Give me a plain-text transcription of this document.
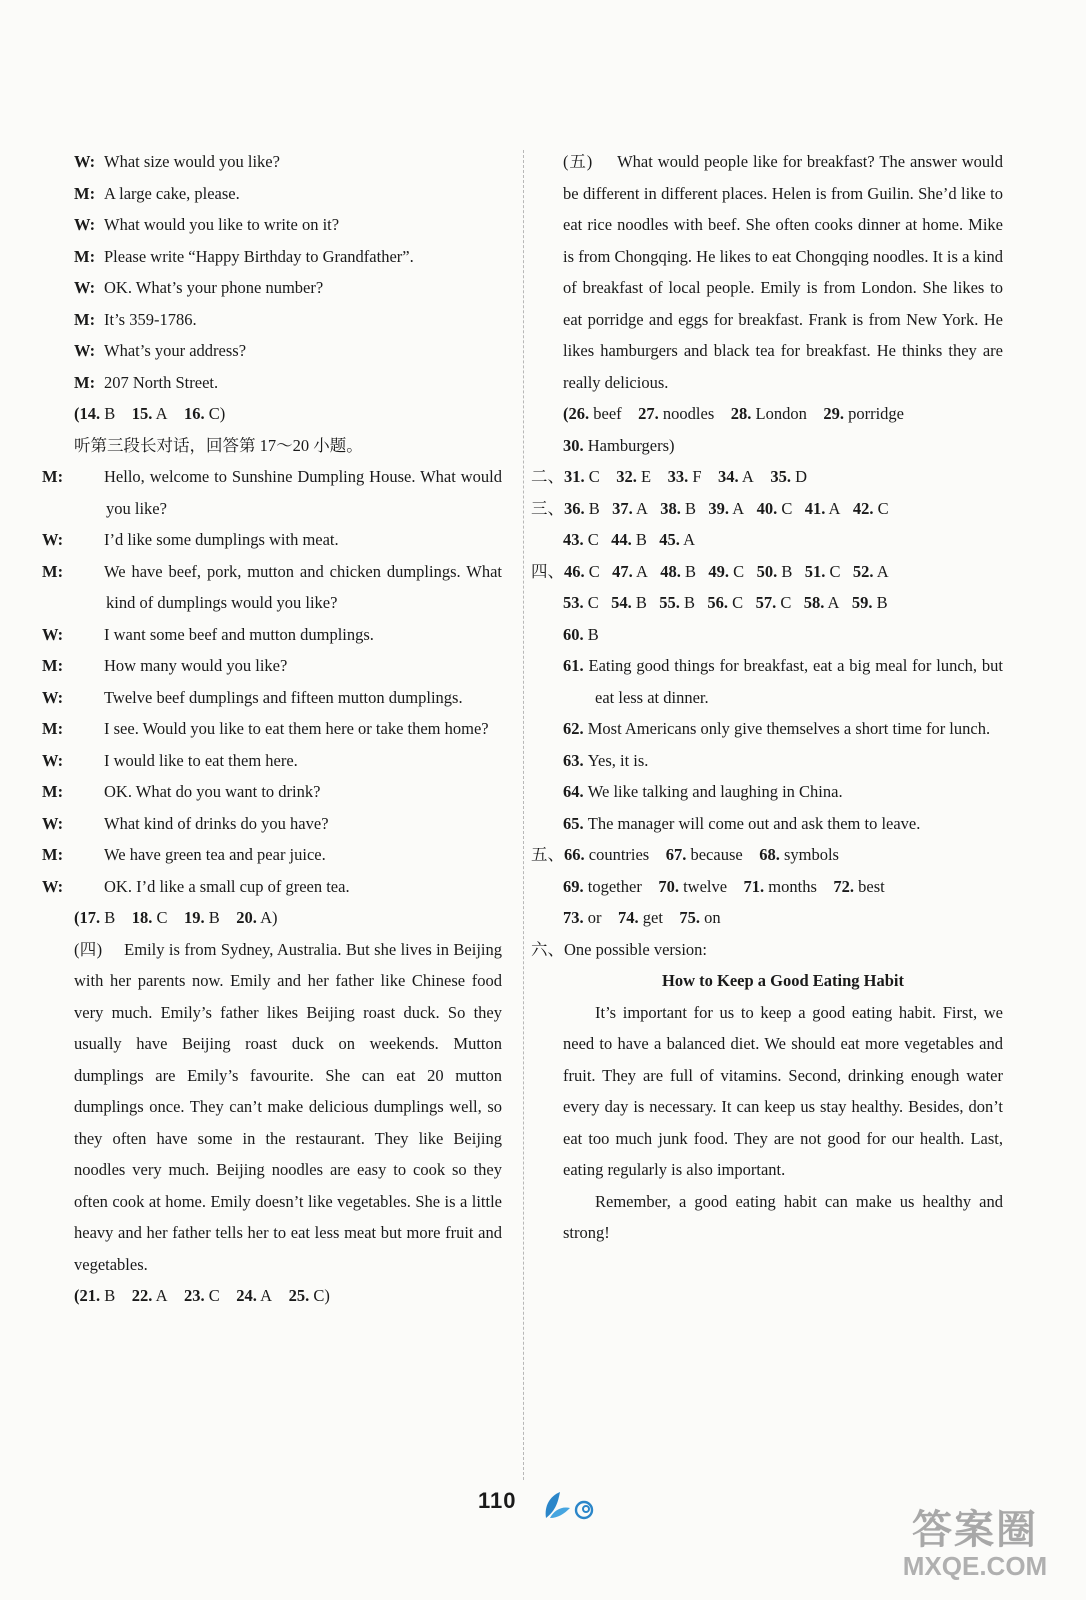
W: What size would you like?
M: A large cake, please.
W: What would you like to write on it?
M: Please write “Happy Birthday to Grandfather”.
W: OK. What’s your phone number?
M: It’s 359-1786.
W: What’s your address?
M: 207 North Street.
(14. B 15. A 16. C)
听第三段长对话，回答第 17～20 小题。
M: Hello, welcome to Sunshine Dumpling House. What would you like?
W: I’d like some dumplings with meat.
M: We have beef, pork, mutton and chicken dumplings. What kind of dumplings would you like?
W: I want some beef and mutton dumplings.
M: How many would you like?
W: Twelve beef dumplings and fifteen mutton dumplings.
M: I see. Would you like to eat them here or take them home?
W: I would like to eat them here.
M: OK. What do you want to drink?
W: What kind of drinks do you have?
M: We have green tea and pear juice.
W: OK. I’d like a small cup of green tea.
(17. B 18. C 19. B 20. A)
(四) Emily is from Sydney, Australia. But she lives in Beijing with her parents now. Emily and her father like Chinese food very much. Emily’s father likes Beijing roast duck. So they usually have Beijing roast duck on weekends. Mutton dumplings are Emily’s favourite. She can eat 20 mutton dumplings once. They can’t make delicious dumplings well, so they often have some in the restaurant. They like Beijing noodles very much. Beijing noodles are easy to cook so they often cook at home. Emily doesn’t like vegetables. She is a little heavy and her father tells her to eat less meat but more fruit and vegetables.
(21. B 22. A 23. C 24. A 25. C)
(五) What would people like for breakfast? The answer would be different in different places. Helen is from Guilin. She’d like to eat rice noodles with beef. She often cooks dinner at home. Mike is from Chongqing. He likes to eat Chongqing noodles. It is a kind of breakfast of local people. Emily is from London. She likes to eat porridge and eggs for breakfast. Frank is from New York. He likes hamburgers and black tea for breakfast. He thinks they are really delicious.
(26. beef 27. noodles 28. London 29. porridge
30. Hamburgers)
二、31. C 32. E 33. F 34. A 35. D
三、36. B 37. A 38. B 39. A 40. C 41. A 42. C
43. C 44. B 45. A
四、46. C 47. A 48. B 49. C 50. B 51. C 52. A
53. C 54. B 55. B 56. C 57. C 58. A 59. B
60. B
61. Eating good things for breakfast, eat a big meal for lunch, but eat less at dinner.
62. Most Americans only give themselves a short time for lunch.
63. Yes, it is.
64. We like talking and laughing in China.
65. The manager will come out and ask them to leave.
五、66. countries 67. because 68. symbols
69. together 70. twelve 71. months 72. best
73. or 74. get 75. on
六、One possible version:
How to Keep a Good Eating Habit
It’s important for us to keep a good eating habit. First, we need to have a balanced diet. We should eat more vegetables and fruit. They are full of vitamins. Second, drinking enough water every day is necessary. It can keep us stay healthy. Besides, don’t eat too much junk food. They are not good for our health. Last, eating regularly is also important.
Remember, a good eating habit can make us healthy and strong!
110
答案圈
MXQE.COM
